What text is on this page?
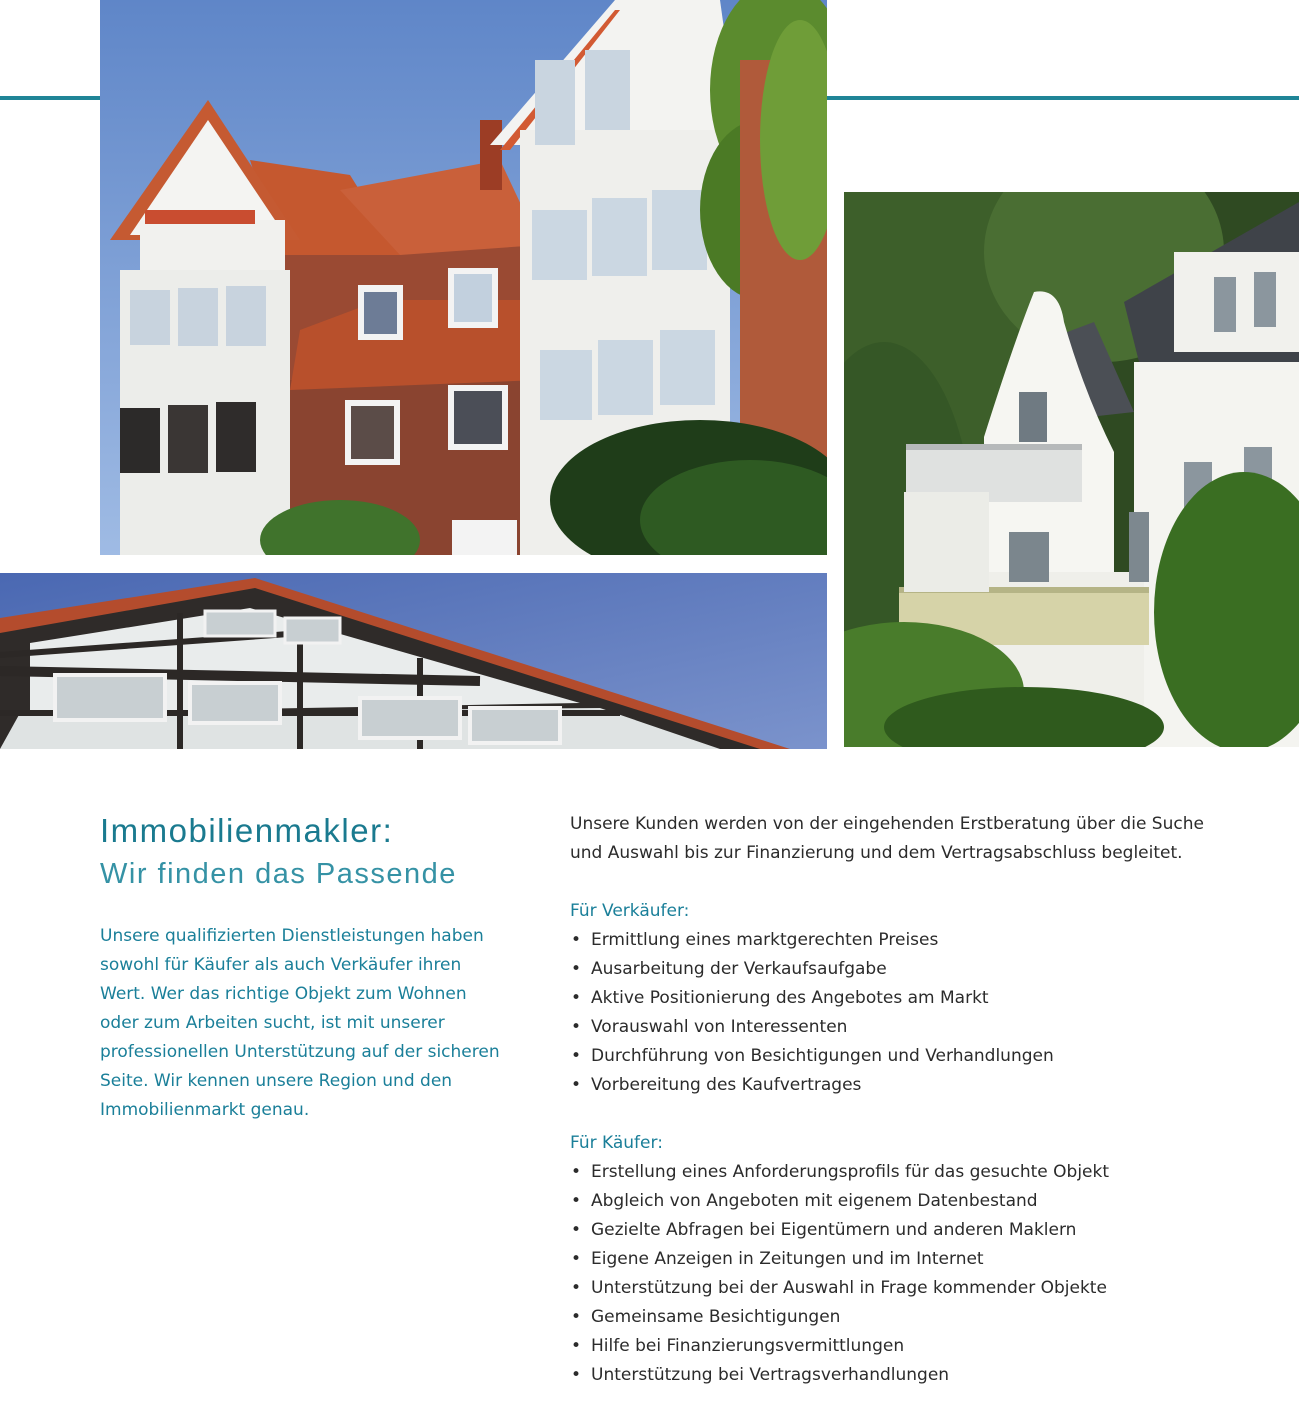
Immobilienmakler:
Wir finden das Passende

Unsere qualifizierten Dienstleistungen haben sowohl für Käufer als auch Verkäufer ihren Wert. Wer das richtige Objekt zum Wohnen oder zum Arbeiten sucht, ist mit unserer professionellen Unterstützung auf der sicheren Seite. Wir kennen unsere Region und den Immobilienmarkt genau.

Unsere Kunden werden von der eingehenden Erstberatung über die Suche und Auswahl bis zur Finanzierung und dem Vertragsabschluss begleitet.

Für Verkäufer:

• Ermittlung eines marktgerechten Preises
• Ausarbeitung der Verkaufsaufgabe
• Aktive Positionierung des Angebotes am Markt
• Vorauswahl von Interessenten
• Durchführung von Besichtigungen und Verhandlungen
• Vorbereitung des Kaufvertrages

Für Käufer:

• Erstellung eines Anforderungsprofils für das gesuchte Objekt
• Abgleich von Angeboten mit eigenem Datenbestand
• Gezielte Abfragen bei Eigentümern und anderen Maklern
• Eigene Anzeigen in Zeitungen und im Internet
• Unterstützung bei der Auswahl in Frage kommender Objekte
• Gemeinsame Besichtigungen
• Hilfe bei Finanzierungsvermittlungen
• Unterstützung bei Vertragsverhandlungen
